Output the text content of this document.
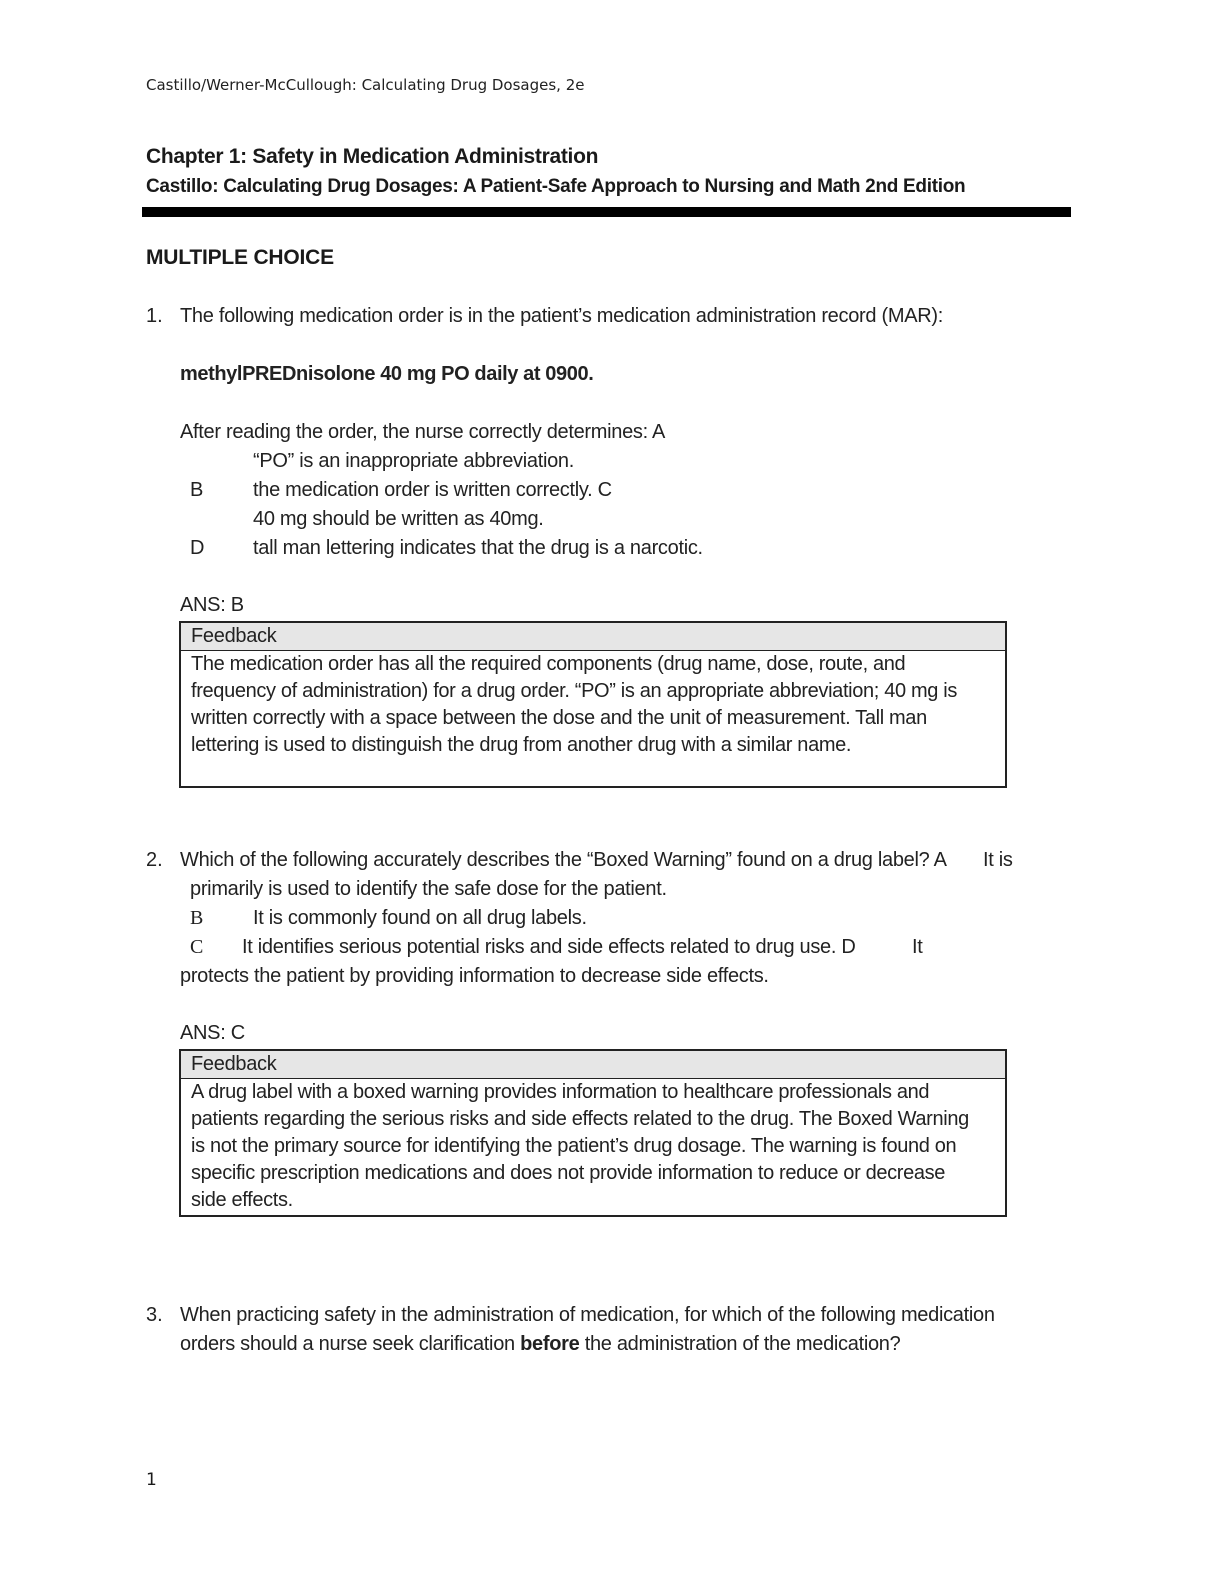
Castillo/Werner-McCullough: Calculating Drug Dosages, 2e
Chapter 1: Safety in Medication Administration
Castillo: Calculating Drug Dosages: A Patient-Safe Approach to Nursing and Math 2nd Edition
MULTIPLE CHOICE
1. The following medication order is in the patient’s medication administration record (MAR):
methylPREDnisolone 40 mg PO daily at 0900.
After reading the order, the nurse correctly determines: A
“PO” is an inappropriate abbreviation.
B the medication order is written correctly. C
40 mg should be written as 40mg.
D tall man lettering indicates that the drug is a narcotic.
ANS: B
Feedback
The medication order has all the required components (drug name, dose, route, and
frequency of administration) for a drug order. “PO” is an appropriate abbreviation; 40 mg is
written correctly with a space between the dose and the unit of measurement. Tall man
lettering is used to distinguish the drug from another drug with a similar name.
2. Which of the following accurately describes the “Boxed Warning” found on a drug label? A It is
primarily is used to identify the safe dose for the patient.
B It is commonly found on all drug labels.
C It identifies serious potential risks and side effects related to drug use. D	It
protects the patient by providing information to decrease side effects.
ANS: C
Feedback
A drug label with a boxed warning provides information to healthcare professionals and
patients regarding the serious risks and side effects related to the drug. The Boxed Warning
is not the primary source for identifying the patient’s drug dosage. The warning is found on
specific prescription medications and does not provide information to reduce or decrease
side effects.
3. When practicing safety in the administration of medication, for which of the following medication
orders should a nurse seek clarification before the administration of the medication?
1
